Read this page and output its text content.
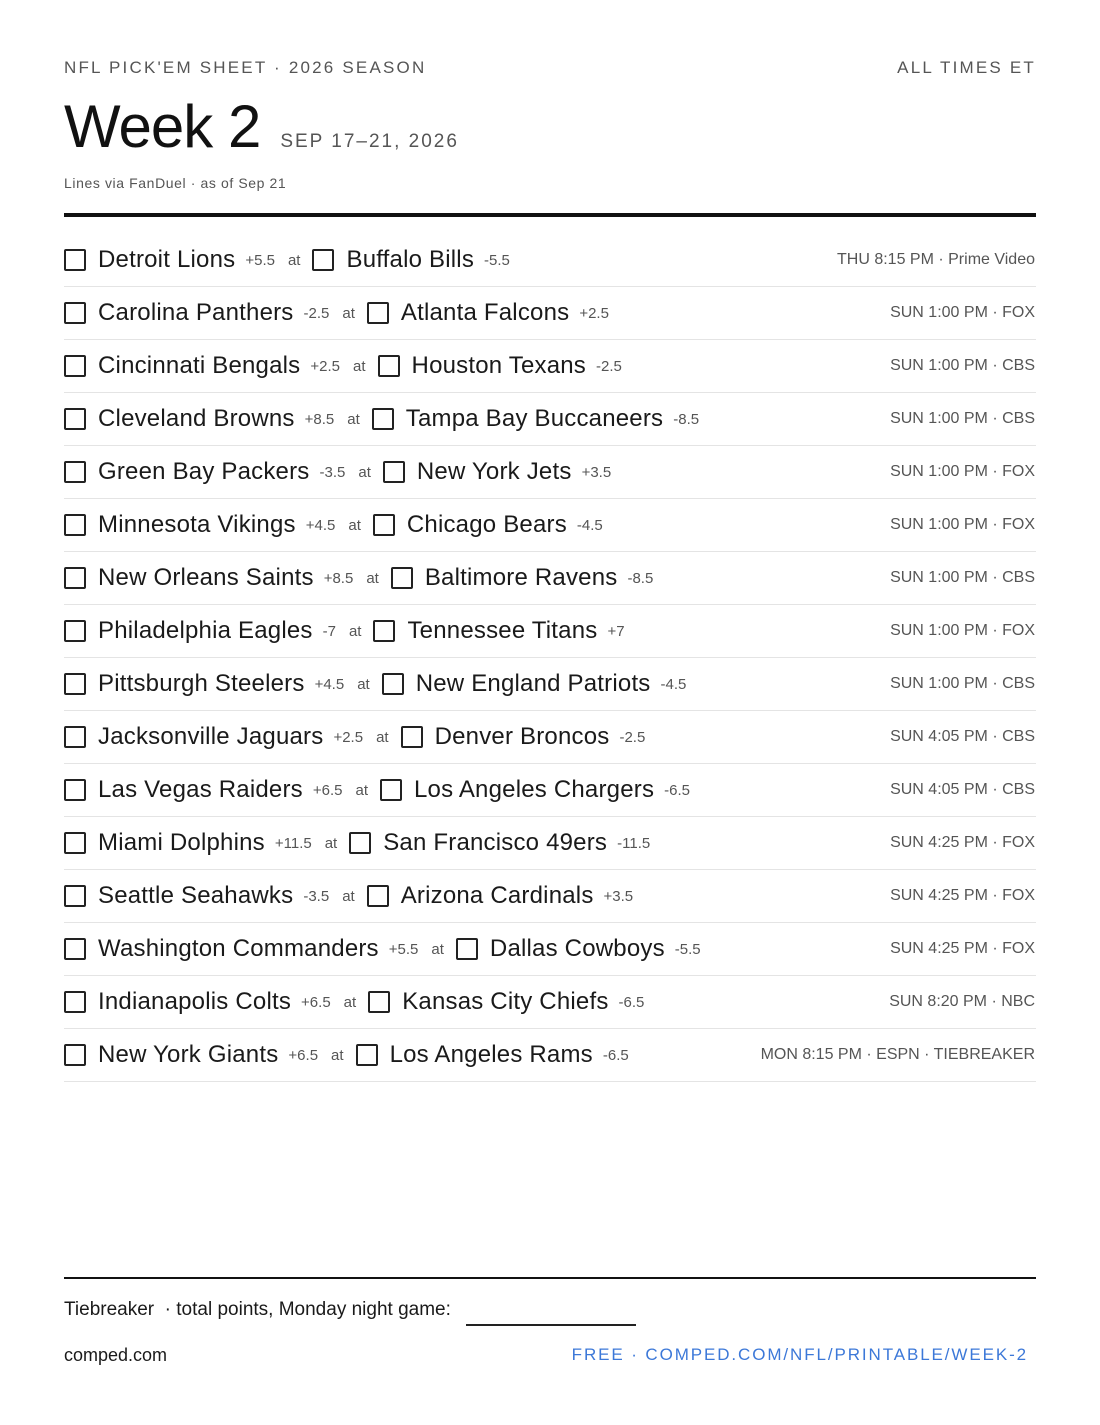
NFL PICK'EM SHEET · 2026 SEASON	ALL TIMES ET
Week 2 SEP 17–21, 2026
Lines via FanDuel · as of Sep 21
Detroit Lions +5.5 at Buffalo Bills -5.5	THU 8:15 PM · Prime Video
Carolina Panthers -2.5 at Atlanta Falcons +2.5	SUN 1:00 PM · FOX
Cincinnati Bengals +2.5 at Houston Texans -2.5	SUN 1:00 PM · CBS
Cleveland Browns +8.5 at Tampa Bay Buccaneers -8.5	SUN 1:00 PM · CBS
Green Bay Packers -3.5 at New York Jets +3.5	SUN 1:00 PM · FOX
Minnesota Vikings +4.5 at Chicago Bears -4.5	SUN 1:00 PM · FOX
New Orleans Saints +8.5 at Baltimore Ravens -8.5	SUN 1:00 PM · CBS
Philadelphia Eagles -7 at Tennessee Titans +7	SUN 1:00 PM · FOX
Pittsburgh Steelers +4.5 at New England Patriots -4.5	SUN 1:00 PM · CBS
Jacksonville Jaguars +2.5 at Denver Broncos -2.5	SUN 4:05 PM · CBS
Las Vegas Raiders +6.5 at Los Angeles Chargers -6.5	SUN 4:05 PM · CBS
Miami Dolphins +11.5 at San Francisco 49ers -11.5	SUN 4:25 PM · FOX
Seattle Seahawks -3.5 at Arizona Cardinals +3.5	SUN 4:25 PM · FOX
Washington Commanders +5.5 at Dallas Cowboys -5.5	SUN 4:25 PM · FOX
Indianapolis Colts +6.5 at Kansas City Chiefs -6.5	SUN 8:20 PM · NBC
New York Giants +6.5 at Los Angeles Rams -6.5	MON 8:15 PM · ESPN · TIEBREAKER
Tiebreaker  · total points, Monday night game:
comped.com	FREE · COMPED.COM/NFL/PRINTABLE/WEEK-2
